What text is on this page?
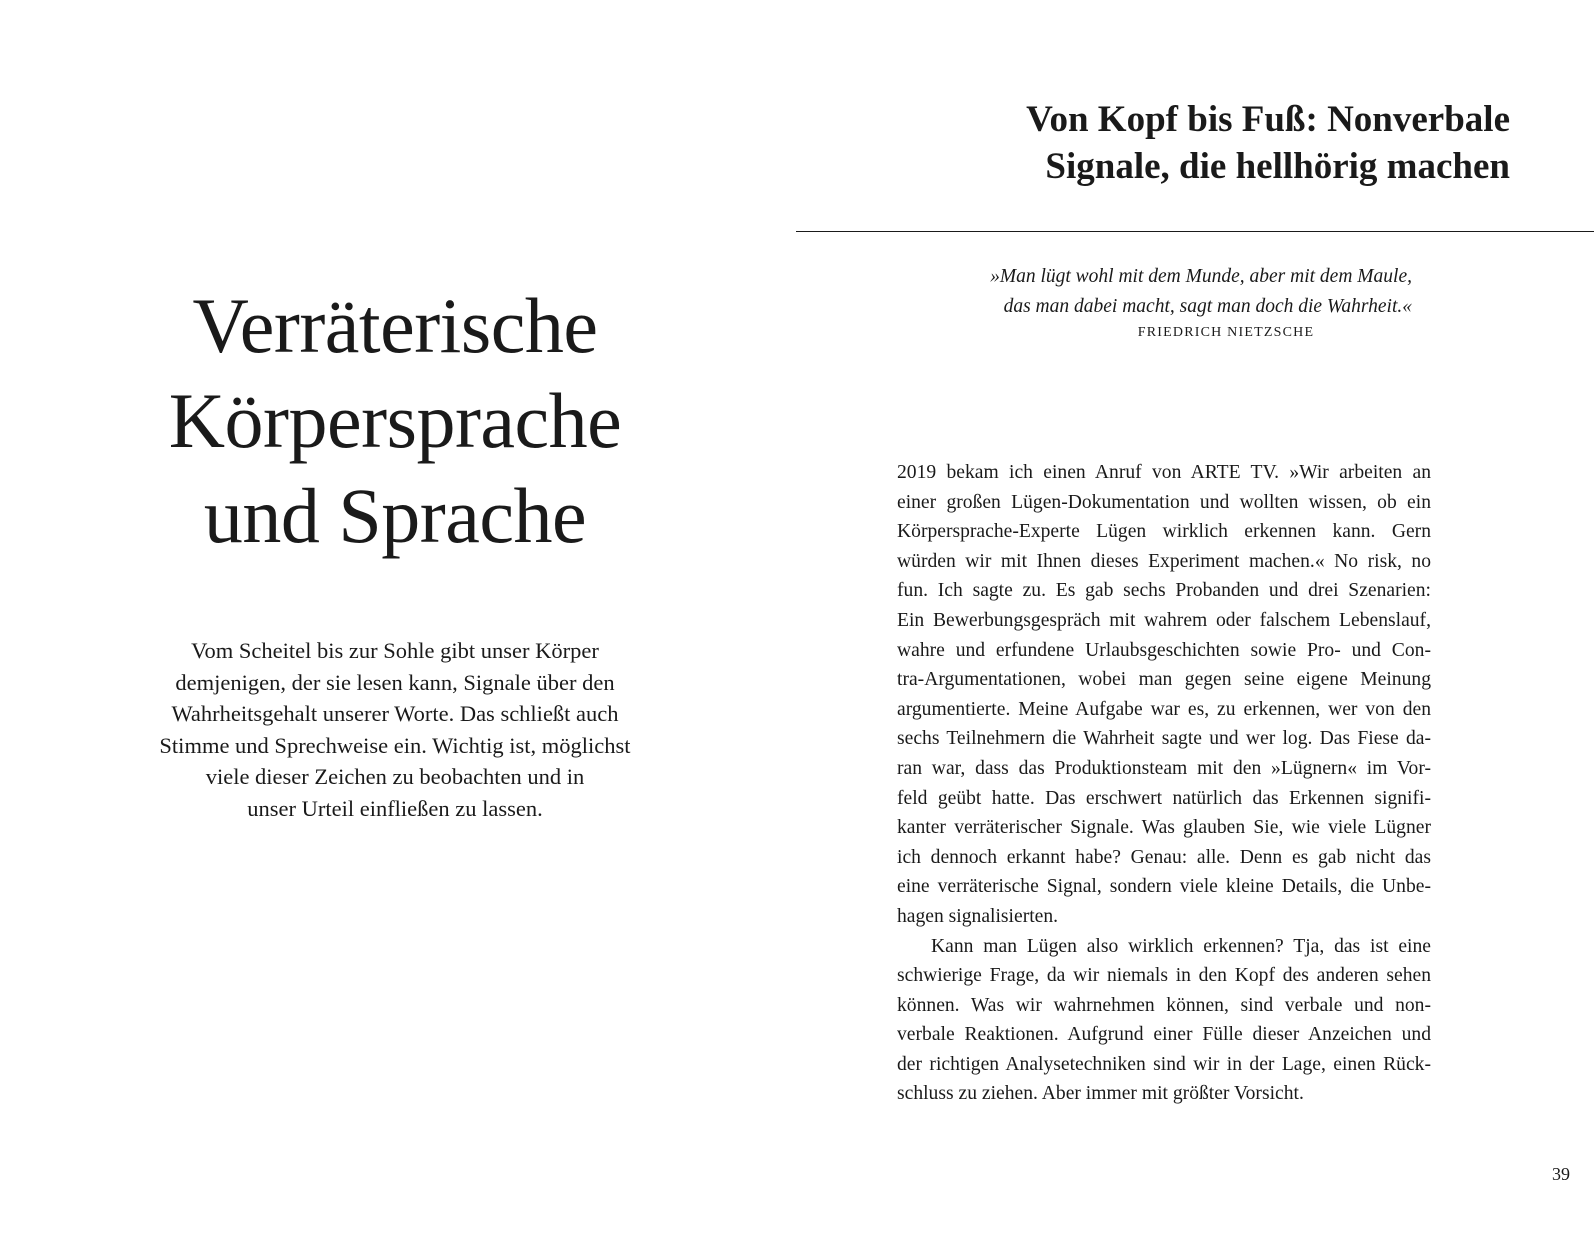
Verräterische
Körpersprache
und Sprache

Vom Scheitel bis zur Sohle gibt unser Körper
demjenigen, der sie lesen kann, Signale über den
Wahrheitsgehalt unserer Worte. Das schließt auch
Stimme und Sprechweise ein. Wichtig ist, möglichst
viele dieser Zeichen zu beobachten und in
unser Urteil einfließen zu lassen.

Von Kopf bis Fuß: Nonverbale
Signale, die hellhörig machen
»Man lügt wohl mit dem Munde, aber mit dem Maule,
das man dabei macht, sagt man doch die Wahrheit.«
FRIEDRICH NIETZSCHE
2019 bekam ich einen Anruf von ARTE TV. »Wir arbeiten an
einer großen Lügen-Dokumentation und wollten wissen, ob ein
Körpersprache-Experte Lügen wirklich erkennen kann. Gern
würden wir mit Ihnen dieses Experiment machen.« No risk, no
fun. Ich sagte zu. Es gab sechs Probanden und drei Szenarien:
Ein Bewerbungsgespräch mit wahrem oder falschem Lebenslauf,
wahre und erfundene Urlaubsgeschichten sowie Pro- und Con-
tra-Argumentationen, wobei man gegen seine eigene Meinung
argumentierte. Meine Aufgabe war es, zu erkennen, wer von den
sechs Teilnehmern die Wahrheit sagte und wer log. Das Fiese da-
ran war, dass das Produktionsteam mit den »Lügnern« im Vor-
feld geübt hatte. Das erschwert natürlich das Erkennen signifi-
kanter verräterischer Signale. Was glauben Sie, wie viele Lügner
ich dennoch erkannt habe? Genau: alle. Denn es gab nicht das
eine verräterische Signal, sondern viele kleine Details, die Unbe-
hagen signalisierten.
Kann man Lügen also wirklich erkennen? Tja, das ist eine
schwierige Frage, da wir niemals in den Kopf des anderen sehen
können. Was wir wahrnehmen können, sind verbale und non-
verbale Reaktionen. Aufgrund einer Fülle dieser Anzeichen und
der richtigen Analysetechniken sind wir in der Lage, einen Rück-
schluss zu ziehen. Aber immer mit größter Vorsicht.
39
